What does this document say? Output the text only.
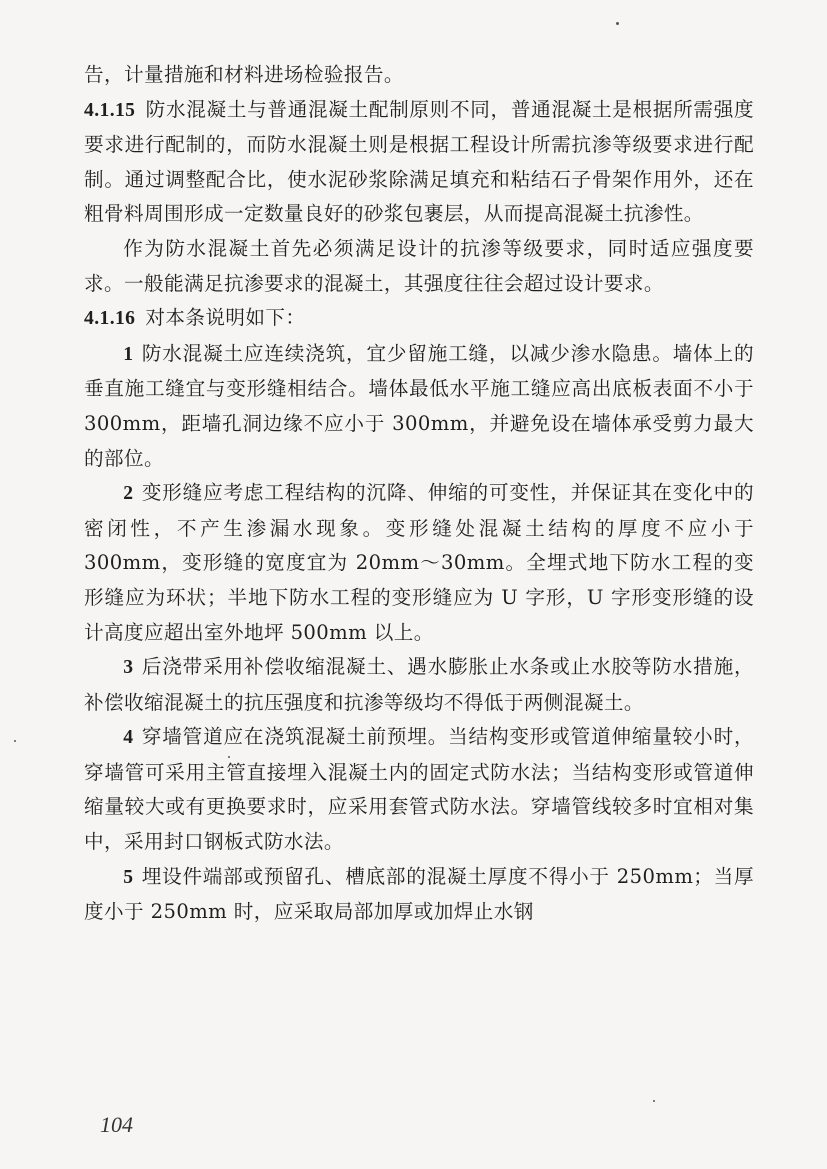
告，计量措施和材料进场检验报告。

4.1.15 防水混凝土与普通混凝土配制原则不同，普通混凝土是根据所需强度要求进行配制的，而防水混凝土则是根据工程设计所需抗渗等级要求进行配制。通过调整配合比，使水泥砂浆除满足填充和粘结石子骨架作用外，还在粗骨料周围形成一定数量良好的砂浆包裹层，从而提高混凝土抗渗性。

作为防水混凝土首先必须满足设计的抗渗等级要求，同时适应强度要求。一般能满足抗渗要求的混凝土，其强度往往会超过设计要求。

4.1.16 对本条说明如下：

1 防水混凝土应连续浇筑，宜少留施工缝，以减少渗水隐患。墙体上的垂直施工缝宜与变形缝相结合。墙体最低水平施工缝应高出底板表面不小于 300mm，距墙孔洞边缘不应小于 300mm，并避免设在墙体承受剪力最大的部位。

2 变形缝应考虑工程结构的沉降、伸缩的可变性，并保证其在变化中的密闭性，不产生渗漏水现象。变形缝处混凝土结构的厚度不应小于 300mm，变形缝的宽度宜为 20mm～30mm。全埋式地下防水工程的变形缝应为环状；半地下防水工程的变形缝应为 U 字形，U 字形变形缝的设计高度应超出室外地坪 500mm 以上。

3 后浇带采用补偿收缩混凝土、遇水膨胀止水条或止水胶等防水措施，补偿收缩混凝土的抗压强度和抗渗等级均不得低于两侧混凝土。

4 穿墙管道应在浇筑混凝土前预埋。当结构变形或管道伸缩量较小时，穿墙管可采用主管直接埋入混凝土内的固定式防水法；当结构变形或管道伸缩量较大或有更换要求时，应采用套管式防水法。穿墙管线较多时宜相对集中，采用封口钢板式防水法。

5 埋设件端部或预留孔、槽底部的混凝土厚度不得小于 250mm；当厚度小于 250mm 时，应采取局部加厚或加焊止水钢

104
